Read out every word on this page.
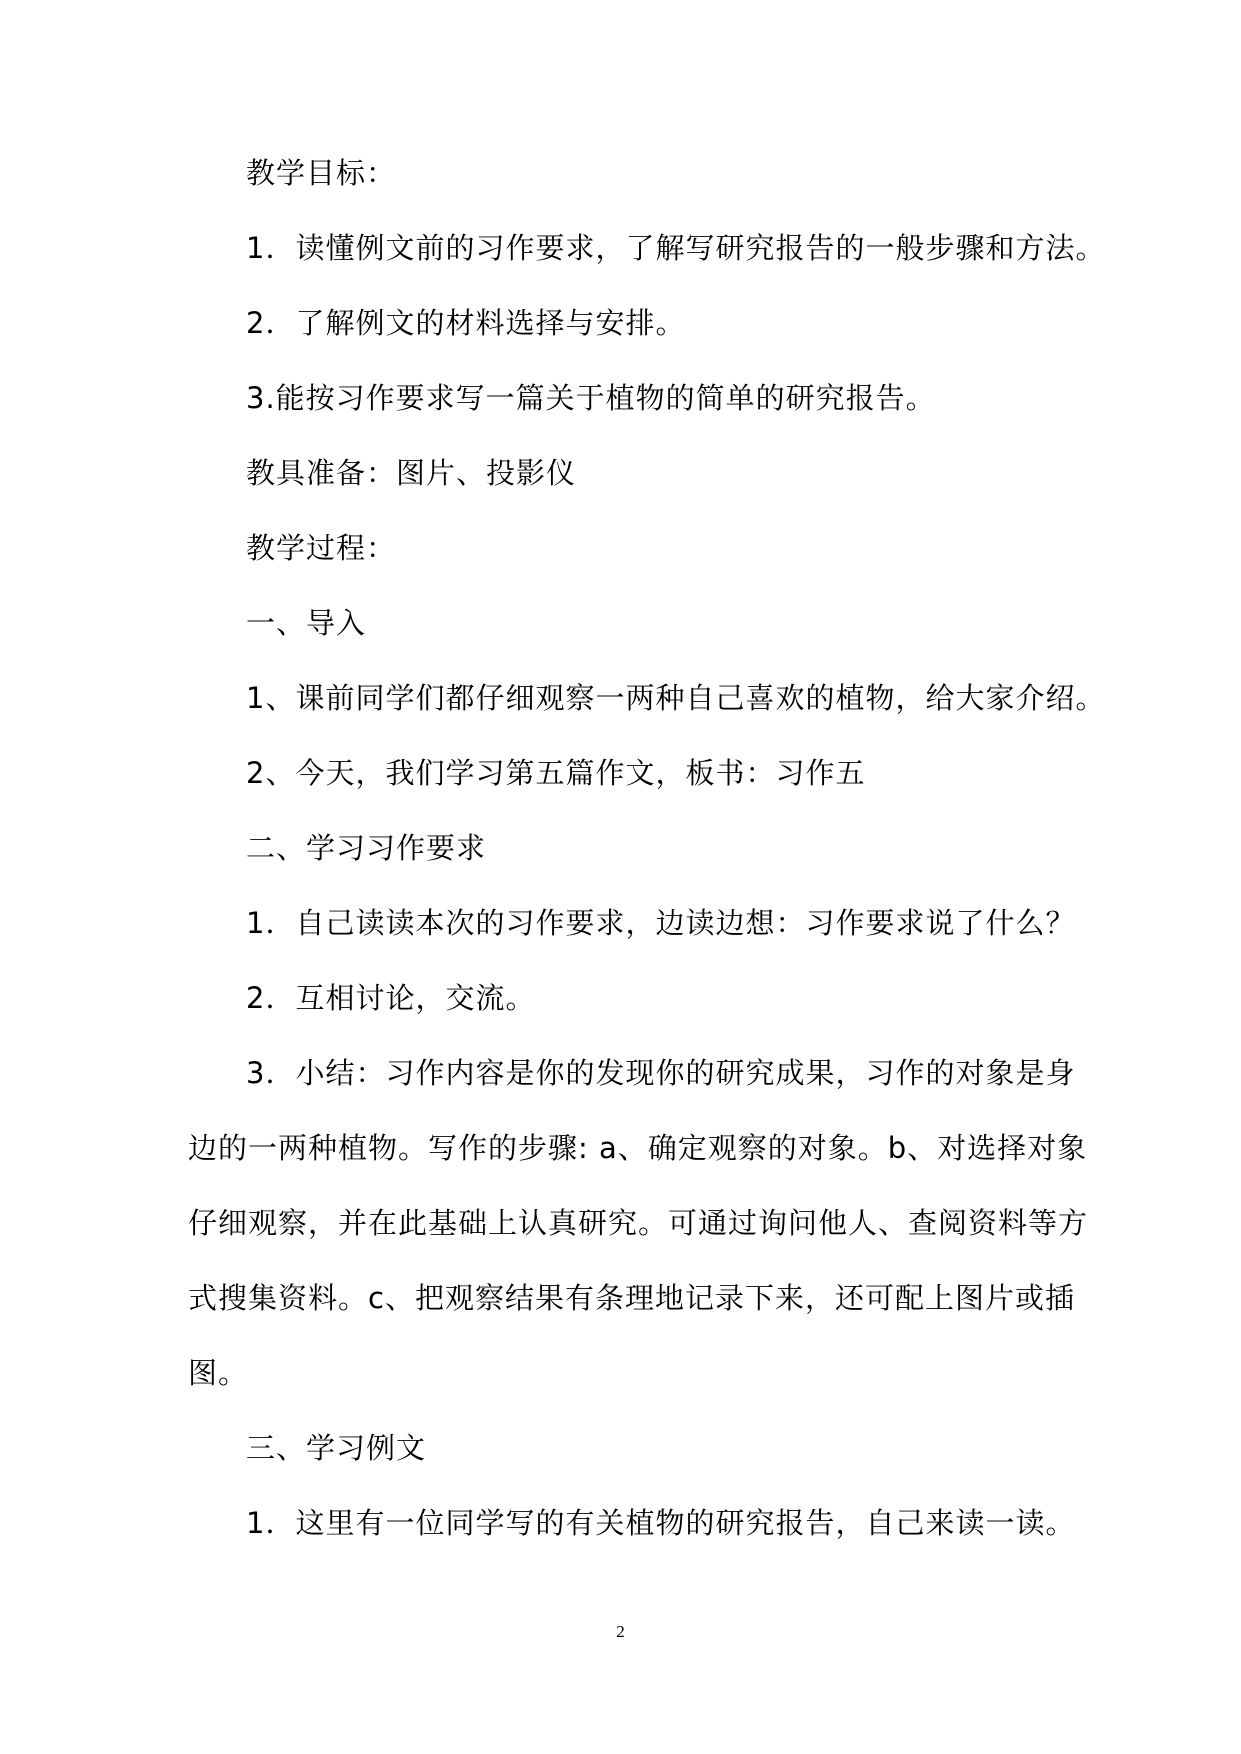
教学目标：
1．读懂例文前的习作要求，了解写研究报告的一般步骤和方法。
2．了解例文的材料选择与安排。
3.能按习作要求写一篇关于植物的简单的研究报告。
教具准备：图片、投影仪
教学过程：
一、导入
1、课前同学们都仔细观察一两种自己喜欢的植物，给大家介绍。
2、今天，我们学习第五篇作文，板书：习作五
二、学习习作要求
1．自己读读本次的习作要求，边读边想：习作要求说了什么？
2．互相讨论，交流。
3．小结：习作内容是你的发现你的研究成果，习作的对象是身
边的一两种植物。写作的步骤: a、确定观察的对象。b、对选择对象
仔细观察，并在此基础上认真研究。可通过询问他人、查阅资料等方
式搜集资料。c、把观察结果有条理地记录下来，还可配上图片或插
图。
三、学习例文
1．这里有一位同学写的有关植物的研究报告，自己来读一读。
2
